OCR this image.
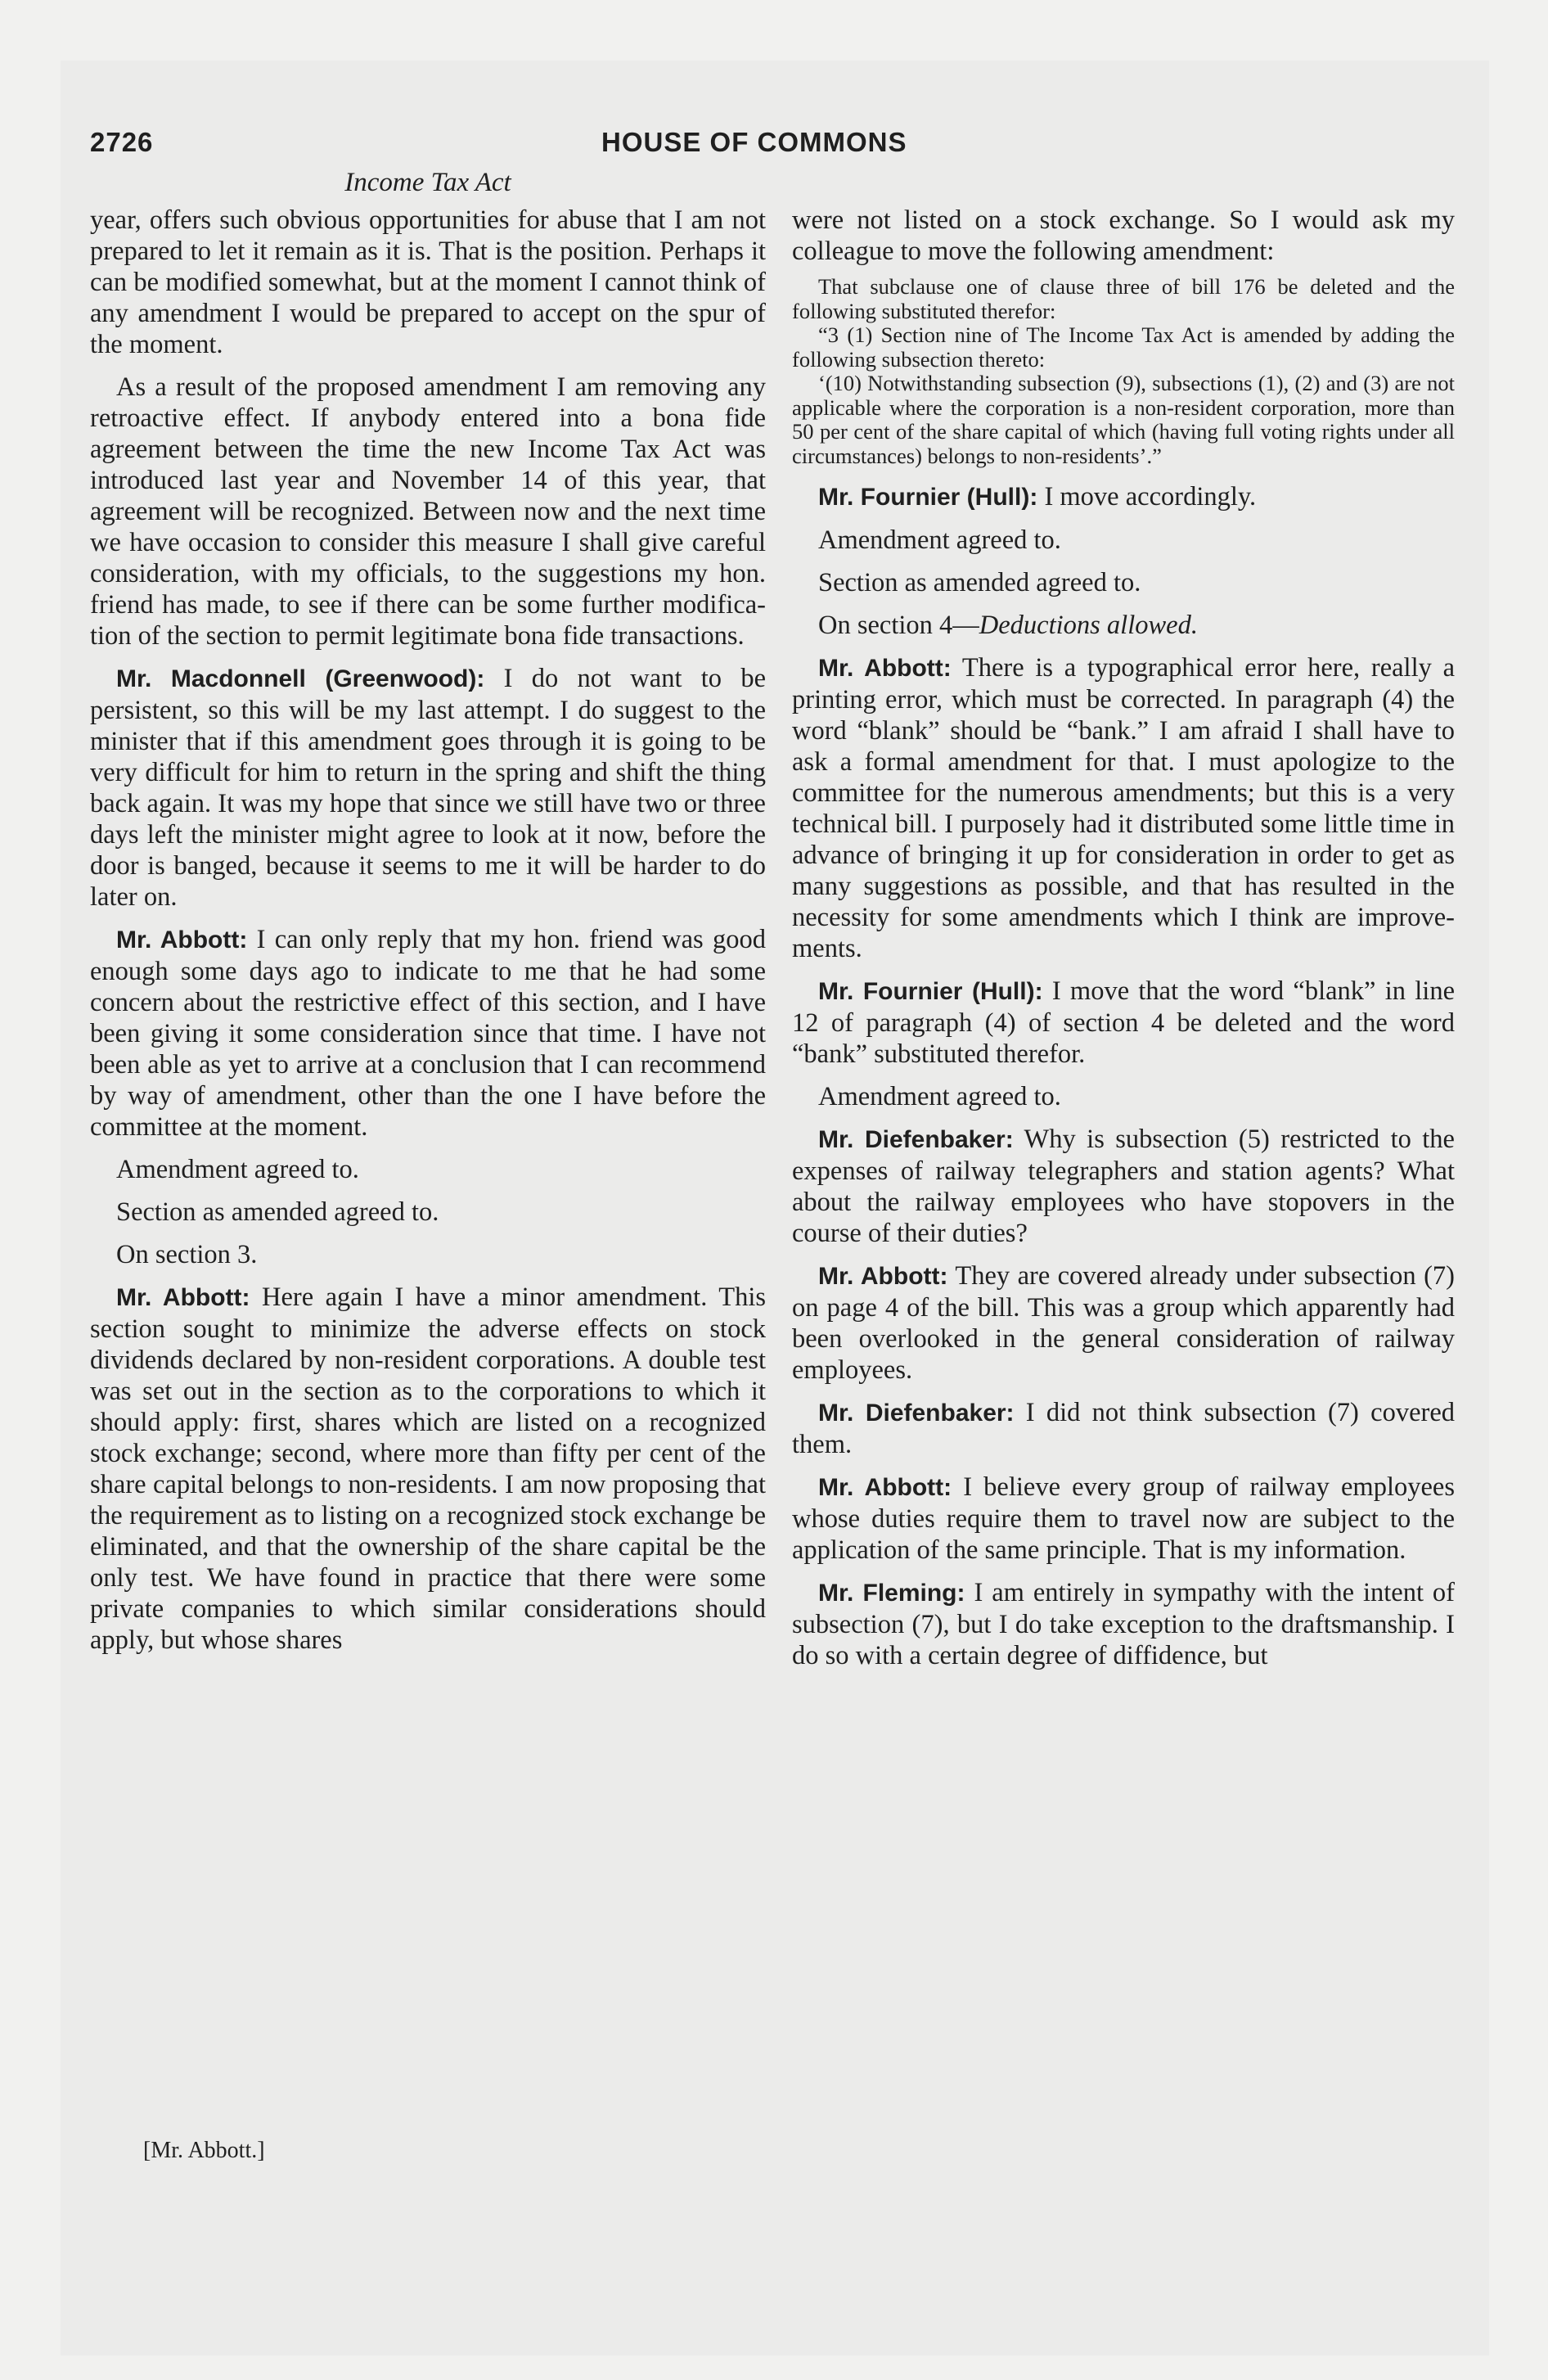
2726	HOUSE OF COMMONS
Income Tax Act

year, offers such obvious opportunities for abuse that I am not prepared to let it remain as it is. That is the position. Perhaps it can be modified somewhat, but at the moment I cannot think of any amendment I would be prepared to accept on the spur of the moment.

As a result of the proposed amendment I am removing any retroactive effect. If anybody entered into a bona fide agreement between the time the new Income Tax Act was introduced last year and November 14 of this year, that agreement will be recognized. Between now and the next time we have occasion to consider this measure I shall give careful consideration, with my officials, to the suggestions my hon. friend has made, to see if there can be some further modification of the section to permit legitimate bona fide transactions.

Mr. Macdonnell (Greenwood): I do not want to be persistent, so this will be my last attempt. I do suggest to the minister that if this amendment goes through it is going to be very difficult for him to return in the spring and shift the thing back again. It was my hope that since we still have two or three days left the minister might agree to look at it now, before the door is banged, because it seems to me it will be harder to do later on.

Mr. Abbott: I can only reply that my hon. friend was good enough some days ago to indicate to me that he had some concern about the restrictive effect of this section, and I have been giving it some consideration since that time. I have not been able as yet to arrive at a conclusion that I can recommend by way of amendment, other than the one I have before the committee at the moment.

Amendment agreed to.

Section as amended agreed to.

On section 3.

Mr. Abbott: Here again I have a minor amendment. This section sought to minimize the adverse effects on stock dividends declared by non-resident corporations. A double test was set out in the section as to the corporations to which it should apply: first, shares which are listed on a recognized stock exchange; second, where more than fifty per cent of the share capital belongs to non-residents. I am now proposing that the requirement as to listing on a recognized stock exchange be eliminated, and that the ownership of the share capital be the only test. We have found in practice that there were some private companies to which similar considerations should apply, but whose shares

were not listed on a stock exchange. So I would ask my colleague to move the following amendment:

That subclause one of clause three of bill 176 be deleted and the following substituted therefor:

“3 (1) Section nine of The Income Tax Act is amended by adding the following subsection thereto:

‘(10) Notwithstanding subsection (9), subsections (1), (2) and (3) are not applicable where the corporation is a non-resident corporation, more than 50 per cent of the share capital of which (having full voting rights under all circumstances) belongs to non-residents’.”

Mr. Fournier (Hull): I move accordingly.

Amendment agreed to.

Section as amended agreed to.

On section 4—Deductions allowed.

Mr. Abbott: There is a typographical error here, really a printing error, which must be corrected. In paragraph (4) the word “blank” should be “bank.” I am afraid I shall have to ask a formal amendment for that. I must apologize to the committee for the numerous amendments; but this is a very technical bill. I purposely had it distributed some little time in advance of bringing it up for consideration in order to get as many suggestions as possible, and that has resulted in the necessity for some amendments which I think are improvements.

Mr. Fournier (Hull): I move that the word “blank” in line 12 of paragraph (4) of section 4 be deleted and the word “bank” substituted therefor.

Amendment agreed to.

Mr. Diefenbaker: Why is subsection (5) restricted to the expenses of railway telegraphers and station agents? What about the railway employees who have stopovers in the course of their duties?

Mr. Abbott: They are covered already under subsection (7) on page 4 of the bill. This was a group which apparently had been overlooked in the general consideration of railway employees.

Mr. Diefenbaker: I did not think subsection (7) covered them.

Mr. Abbott: I believe every group of railway employees whose duties require them to travel now are subject to the application of the same principle. That is my information.

Mr. Fleming: I am entirely in sympathy with the intent of subsection (7), but I do take exception to the draftsmanship. I do so with a certain degree of diffidence, but

[Mr. Abbott.]
